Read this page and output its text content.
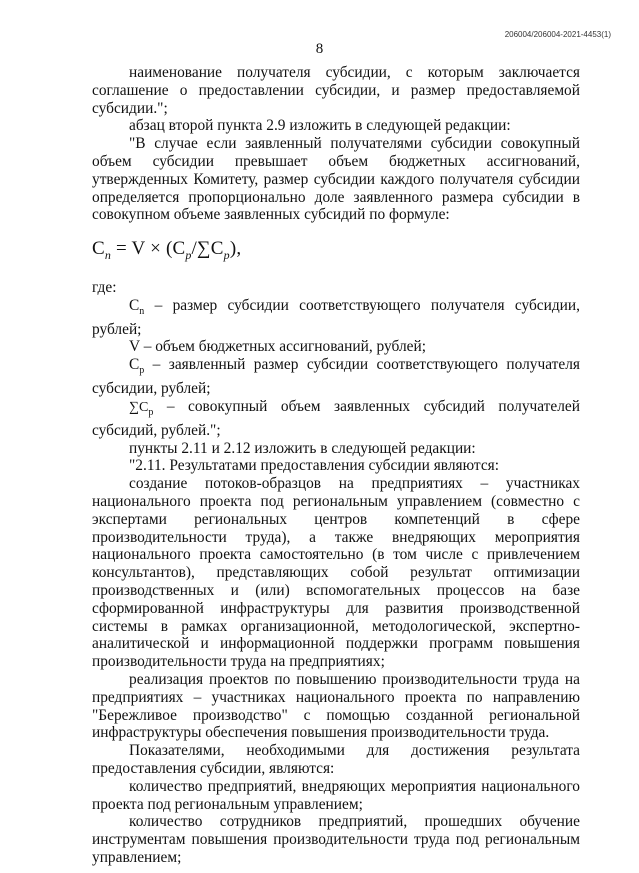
206004/206004-2021-4453(1)
8

наименование получателя субсидии, с которым заключается соглашение о предоставлении субсидии, и размер предоставляемой субсидии.";

абзац второй пункта 2.9 изложить в следующей редакции:

"В случае если заявленный получателями субсидии совокупный объем субсидии превышает объем бюджетных ассигнований, утвержденных Комитету, размер субсидии каждого получателя субсидии определяется пропорционально доле заявленного размера субсидии в совокупном объеме заявленных субсидий по формуле:

$C_n = V \times (C_p/\sum C_p)$,

где:

$C_n$ – размер субсидии соответствующего получателя субсидии, рублей;

V – объем бюджетных ассигнований, рублей;

$C_p$ – заявленный размер субсидии соответствующего получателя субсидии, рублей;

$\sum C_p$ – совокупный объем заявленных субсидий получателей субсидий, рублей.";

пункты 2.11 и 2.12 изложить в следующей редакции:

"2.11. Результатами предоставления субсидии являются:

создание потоков-образцов на предприятиях – участниках национального проекта под региональным управлением (совместно с экспертами региональных центров компетенций в сфере производительности труда), а также внедряющих мероприятия национального проекта самостоятельно (в том числе с привлечением консультантов), представляющих собой результат оптимизации производственных и (или) вспомогательных процессов на базе сформированной инфраструктуры для развития производственной системы в рамках организационной, методологической, экспертно-аналитической и информационной поддержки программ повышения производительности труда на предприятиях;

реализация проектов по повышению производительности труда на предприятиях – участниках национального проекта по направлению "Бережливое производство" с помощью созданной региональной инфраструктуры обеспечения повышения производительности труда.

Показателями, необходимыми для достижения результата предоставления субсидии, являются:

количество предприятий, внедряющих мероприятия национального проекта под региональным управлением;

количество сотрудников предприятий, прошедших обучение инструментам повышения производительности труда под региональным управлением;
